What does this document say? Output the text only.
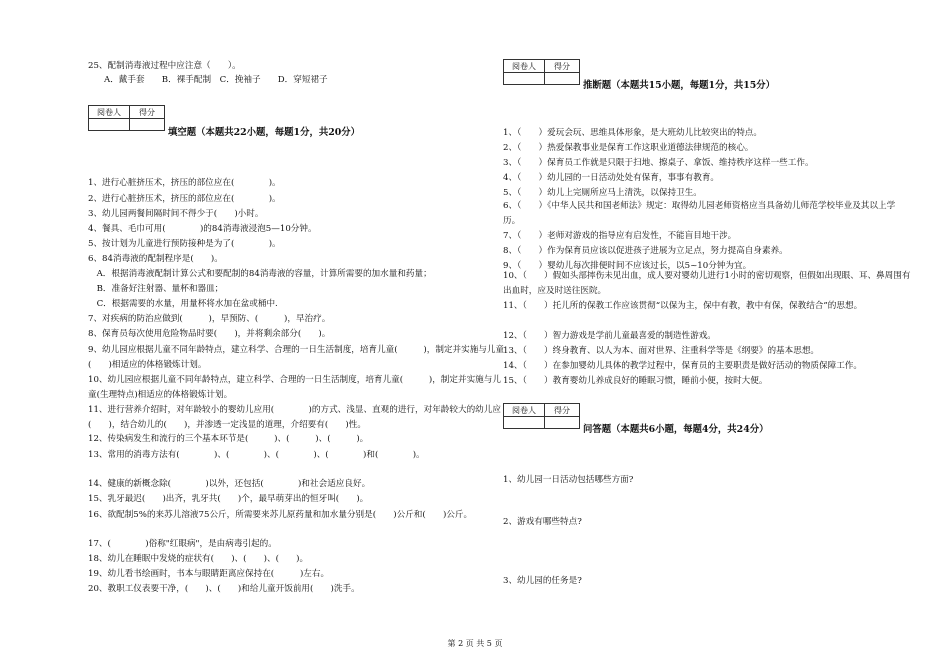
25、配制消毒液过程中应注意（　　）。
A．戴手套　　B．裸手配制　C．挽袖子　　D．穿短裙子
阅卷人	得分

填空题（本题共22小题，每题1分，共20分）
1、进行心脏挤压术，挤压的部位应在(　　　　)。
2、进行心脏挤压术，挤压的部位应在(　　　　)。
3、幼儿园两餐间隔时间不得少于(　　)小时。
4、餐具、毛巾可用(　　　　)的84消毒液浸泡5—10分钟。
5、按计划为儿童进行预防接种是为了(　　　　)。
6、84消毒液的配制程序是(　　)。
　A．根据消毒液配制计算公式和要配制的84消毒液的容量，计算所需要的加水量和药量；
　B．准备好注射器、量杯和器皿；
　C．根据需要的水量，用量杯将水加在盆或桶中.
7、对疾病的防治应做到(　　　)，早预防、(　　　)，早治疗。
8、保育员每次使用危险物品时要(　　)，并将剩余部分(　　)。
9、幼儿园应根据儿童不同年龄特点，建立科学、合理的一日生活制度，培育儿童(　　　)，制定并实施与儿童(　　)相适应的体格锻炼计划。
10、幼儿园应根据儿童不同年龄特点，建立科学、合理的一日生活制度，培育儿童(　　　)，制定并实施与儿童(生理特点)相适应的体格锻炼计划。
11、进行营养介绍时，对年龄较小的婴幼儿应用(　　　　)的方式、浅显、直观的进行，对年龄较大的幼儿应(　　)，结合幼儿的(　　)，并渗透一定浅显的道理，介绍要有(　　)性。
12、传染病发生和流行的三个基本环节是(　　　)、(　　　)、(　　　)。
13、常用的消毒方法有(　　　　)、(　　　　)、(　　　　)、(　　　　)和(　　　　)。
14、健康的新概念除(　　　　)以外，还包括(　　　　)和社会适应良好。
15、乳牙最迟(　　)出齐，乳牙共(　　)个，最早萌芽出的恒牙叫(　　)。
16、欲配制5%的来苏儿溶液75公斤，所需要来苏儿原药量和加水量分别是(　　)公斤和(　　)公斤。
17、(　　　　)俗称"红眼病"，是由病毒引起的。
18、幼儿在睡眠中发烧的症状有(　　)、(　　)、(　　)。
19、幼儿看书绘画时，书本与眼睛距离应保持在(　　　)左右。
20、教职工仪表要干净，(　　)、(　　)和给儿童开饭前用(　　)洗手。
阅卷人	得分

推断题（本题共15小题，每题1分，共15分）
1、（　　）爱玩会玩、思维具体形象，是大班幼儿比较突出的特点。
2、（　　）热爱保教事业是保育工作这职业道德法律规范的核心。
3、（　　）保育员工作就是只限于扫地、擦桌子、拿饭、维持秩序这样一些工作。
4、（　　）幼儿园的一日活动处处有保育，事事有教育。
5、（　　）幼儿上完厕所应马上清洗，以保持卫生。
6、（　　）《中华人民共和国老师法》规定：取得幼儿园老师资格应当具备幼儿师范学校毕业及其以上学历。
7、（　　）老师对游戏的指导应有启发性，不能盲目地干涉。
8、（　　）作为保育员应该以促进孩子进展为立足点，努力提高自身素养。
9、（　　）婴幼儿每次排便时间不应该过长，以5~10分钟为宜。
10、（　　）假如头部摔伤未见出血，成人要对婴幼儿进行1小时的密切观察，但假如出现眼、耳、鼻周围有出血时，应及时送往医院。
11、（　　）托儿所的保教工作应该贯彻“以保为主，保中有教，教中有保，保教结合”的思想。
12、（　　）智力游戏是学前儿童最喜爱的制造性游戏。
13、（　　）终身教育、以人为本、面对世界、注重科学等是《纲要》的基本思想。
14、（　　）在参加婴幼儿具体的教学过程中，保育员的主要职责是做好活动的物质保障工作。
15、（　　）教育婴幼儿养成良好的睡眠习惯，睡前小便，按时大便。
阅卷人	得分

问答题（本题共6小题，每题4分，共24分）
1、幼儿园一日活动包括哪些方面?
2、游戏有哪些特点?
3、幼儿园的任务是?
第 2 页 共 5 页
